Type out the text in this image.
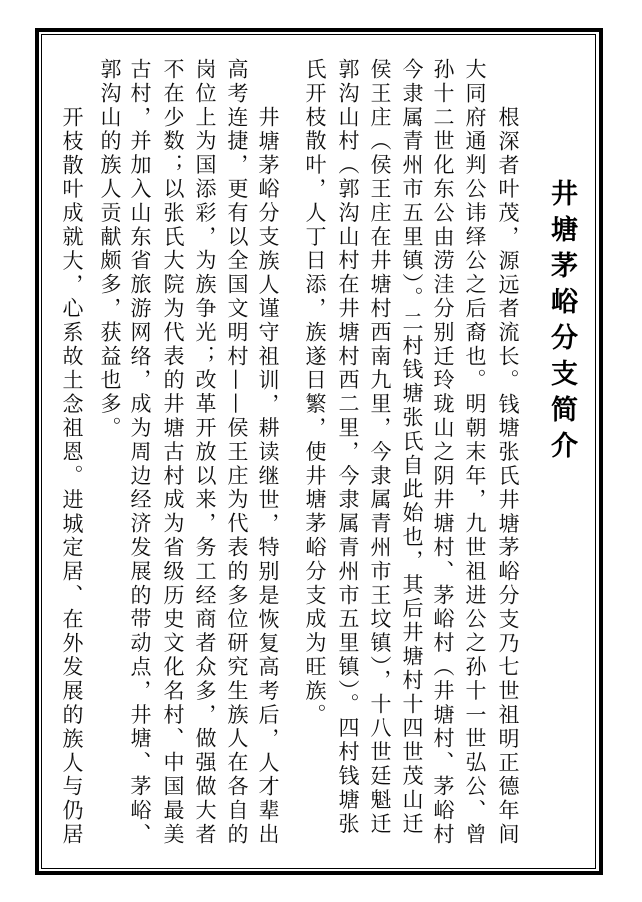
井塘茅峪分支简介
根深者叶茂，源远者流长。钱塘张氏井塘茅峪分支乃七世祖明正德年间
大同府通判公讳绎公之后裔也。明朝末年，九世祖进公之孙十一世弘公、曾
孙十二世化东公由涝洼分别迁玲珑山之阴井塘村、茅峪村（井塘村、茅峪村
今隶属青州市五里镇）。二村钱塘张氏自此始也，其后井塘村十四世茂山迁
侯王庄（侯王庄在井塘村西南九里，今隶属青州市王坟镇），十八世廷魁迁
郭沟山村（郭沟山村在井塘村西二里，今隶属青州市五里镇）。四村钱塘张
氏开枝散叶，人丁日添，族遂日繁，使井塘茅峪分支成为旺族。
井塘茅峪分支族人谨守祖训，耕读继世，特别是恢复高考后，人才辈出
高考连捷，更有以全国文明村——侯王庄为代表的多位研究生族人在各自的
岗位上为国添彩，为族争光；改革开放以来，务工经商者众多，做强做大者
不在少数；以张氏大院为代表的井塘古村成为省级历史文化名村、中国最美
古村，并加入山东省旅游网络，成为周边经济发展的带动点，井塘、茅峪、
郭沟山的族人贡献颇多，获益也多。
开枝散叶成就大，心系故土念祖恩。进城定居、在外发展的族人与仍居
